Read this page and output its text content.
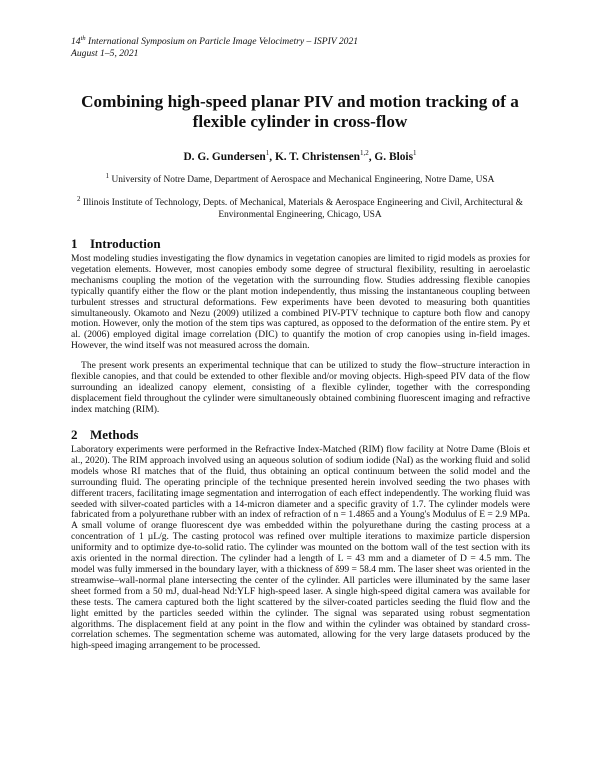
14th International Symposium on Particle Image Velocimetry – ISPIV 2021
August 1–5, 2021
Combining high-speed planar PIV and motion tracking of a flexible cylinder in cross-flow
D. G. Gundersen$^1$, K. T. Christensen$^{1,2}$, G. Blois$^1$
$^1$ University of Notre Dame, Department of Aerospace and Mechanical Engineering, Notre Dame, USA
$^2$ Illinois Institute of Technology, Depts. of Mechanical, Materials & Aerospace Engineering and Civil, Architectural & Environmental Engineering, Chicago, USA
1 Introduction
Most modeling studies investigating the flow dynamics in vegetation canopies are limited to rigid models as proxies for vegetation elements. However, most canopies embody some degree of structural flexibility, resulting in aeroelastic mechanisms coupling the motion of the vegetation with the surrounding flow. Studies addressing flexible canopies typically quantify either the flow or the plant motion independently, thus missing the instantaneous coupling between turbulent stresses and structural deformations. Few experiments have been devoted to measuring both quantities simultaneously. Okamoto and Nezu (2009) utilized a combined PIV-PTV technique to capture both flow and canopy motion. However, only the motion of the stem tips was captured, as opposed to the deformation of the entire stem. Py et al. (2006) employed digital image correlation (DIC) to quantify the motion of crop canopies using in-field images. However, the wind itself was not measured across the domain.
The present work presents an experimental technique that can be utilized to study the flow–structure interaction in flexible canopies, and that could be extended to other flexible and/or moving objects. High-speed PIV data of the flow surrounding an idealized canopy element, consisting of a flexible cylinder, together with the corresponding displacement field throughout the cylinder were simultaneously obtained combining fluorescent imaging and refractive index matching (RIM).
2 Methods
Laboratory experiments were performed in the Refractive Index-Matched (RIM) flow facility at Notre Dame (Blois et al., 2020). The RIM approach involved using an aqueous solution of sodium iodide (NaI) as the working fluid and solid models whose RI matches that of the fluid, thus obtaining an optical continuum between the solid model and the surrounding fluid. The operating principle of the technique presented herein involved seeding the two phases with different tracers, facilitating image segmentation and interrogation of each effect independently. The working fluid was seeded with silver-coated particles with a 14-micron diameter and a specific gravity of 1.7. The cylinder models were fabricated from a polyurethane rubber with an index of refraction of n = 1.4865 and a Young's Modulus of E = 2.9 MPa. A small volume of orange fluorescent dye was embedded within the polyurethane during the casting process at a concentration of 1 µL/g. The casting protocol was refined over multiple iterations to maximize particle dispersion uniformity and to optimize dye-to-solid ratio. The cylinder was mounted on the bottom wall of the test section with its axis oriented in the normal direction. The cylinder had a length of L = 43 mm and a diameter of D = 4.5 mm. The model was fully immersed in the boundary layer, with a thickness of δ99 = 58.4 mm. The laser sheet was oriented in the streamwise–wall-normal plane intersecting the center of the cylinder. All particles were illuminated by the same laser sheet formed from a 50 mJ, dual-head Nd:YLF high-speed laser. A single high-speed digital camera was available for these tests. The camera captured both the light scattered by the silver-coated particles seeding the fluid flow and the light emitted by the particles seeded within the cylinder. The signal was separated using robust segmentation algorithms. The displacement field at any point in the flow and within the cylinder was obtained by standard cross-correlation schemes. The segmentation scheme was automated, allowing for the very large datasets produced by the high-speed imaging arrangement to be processed.
